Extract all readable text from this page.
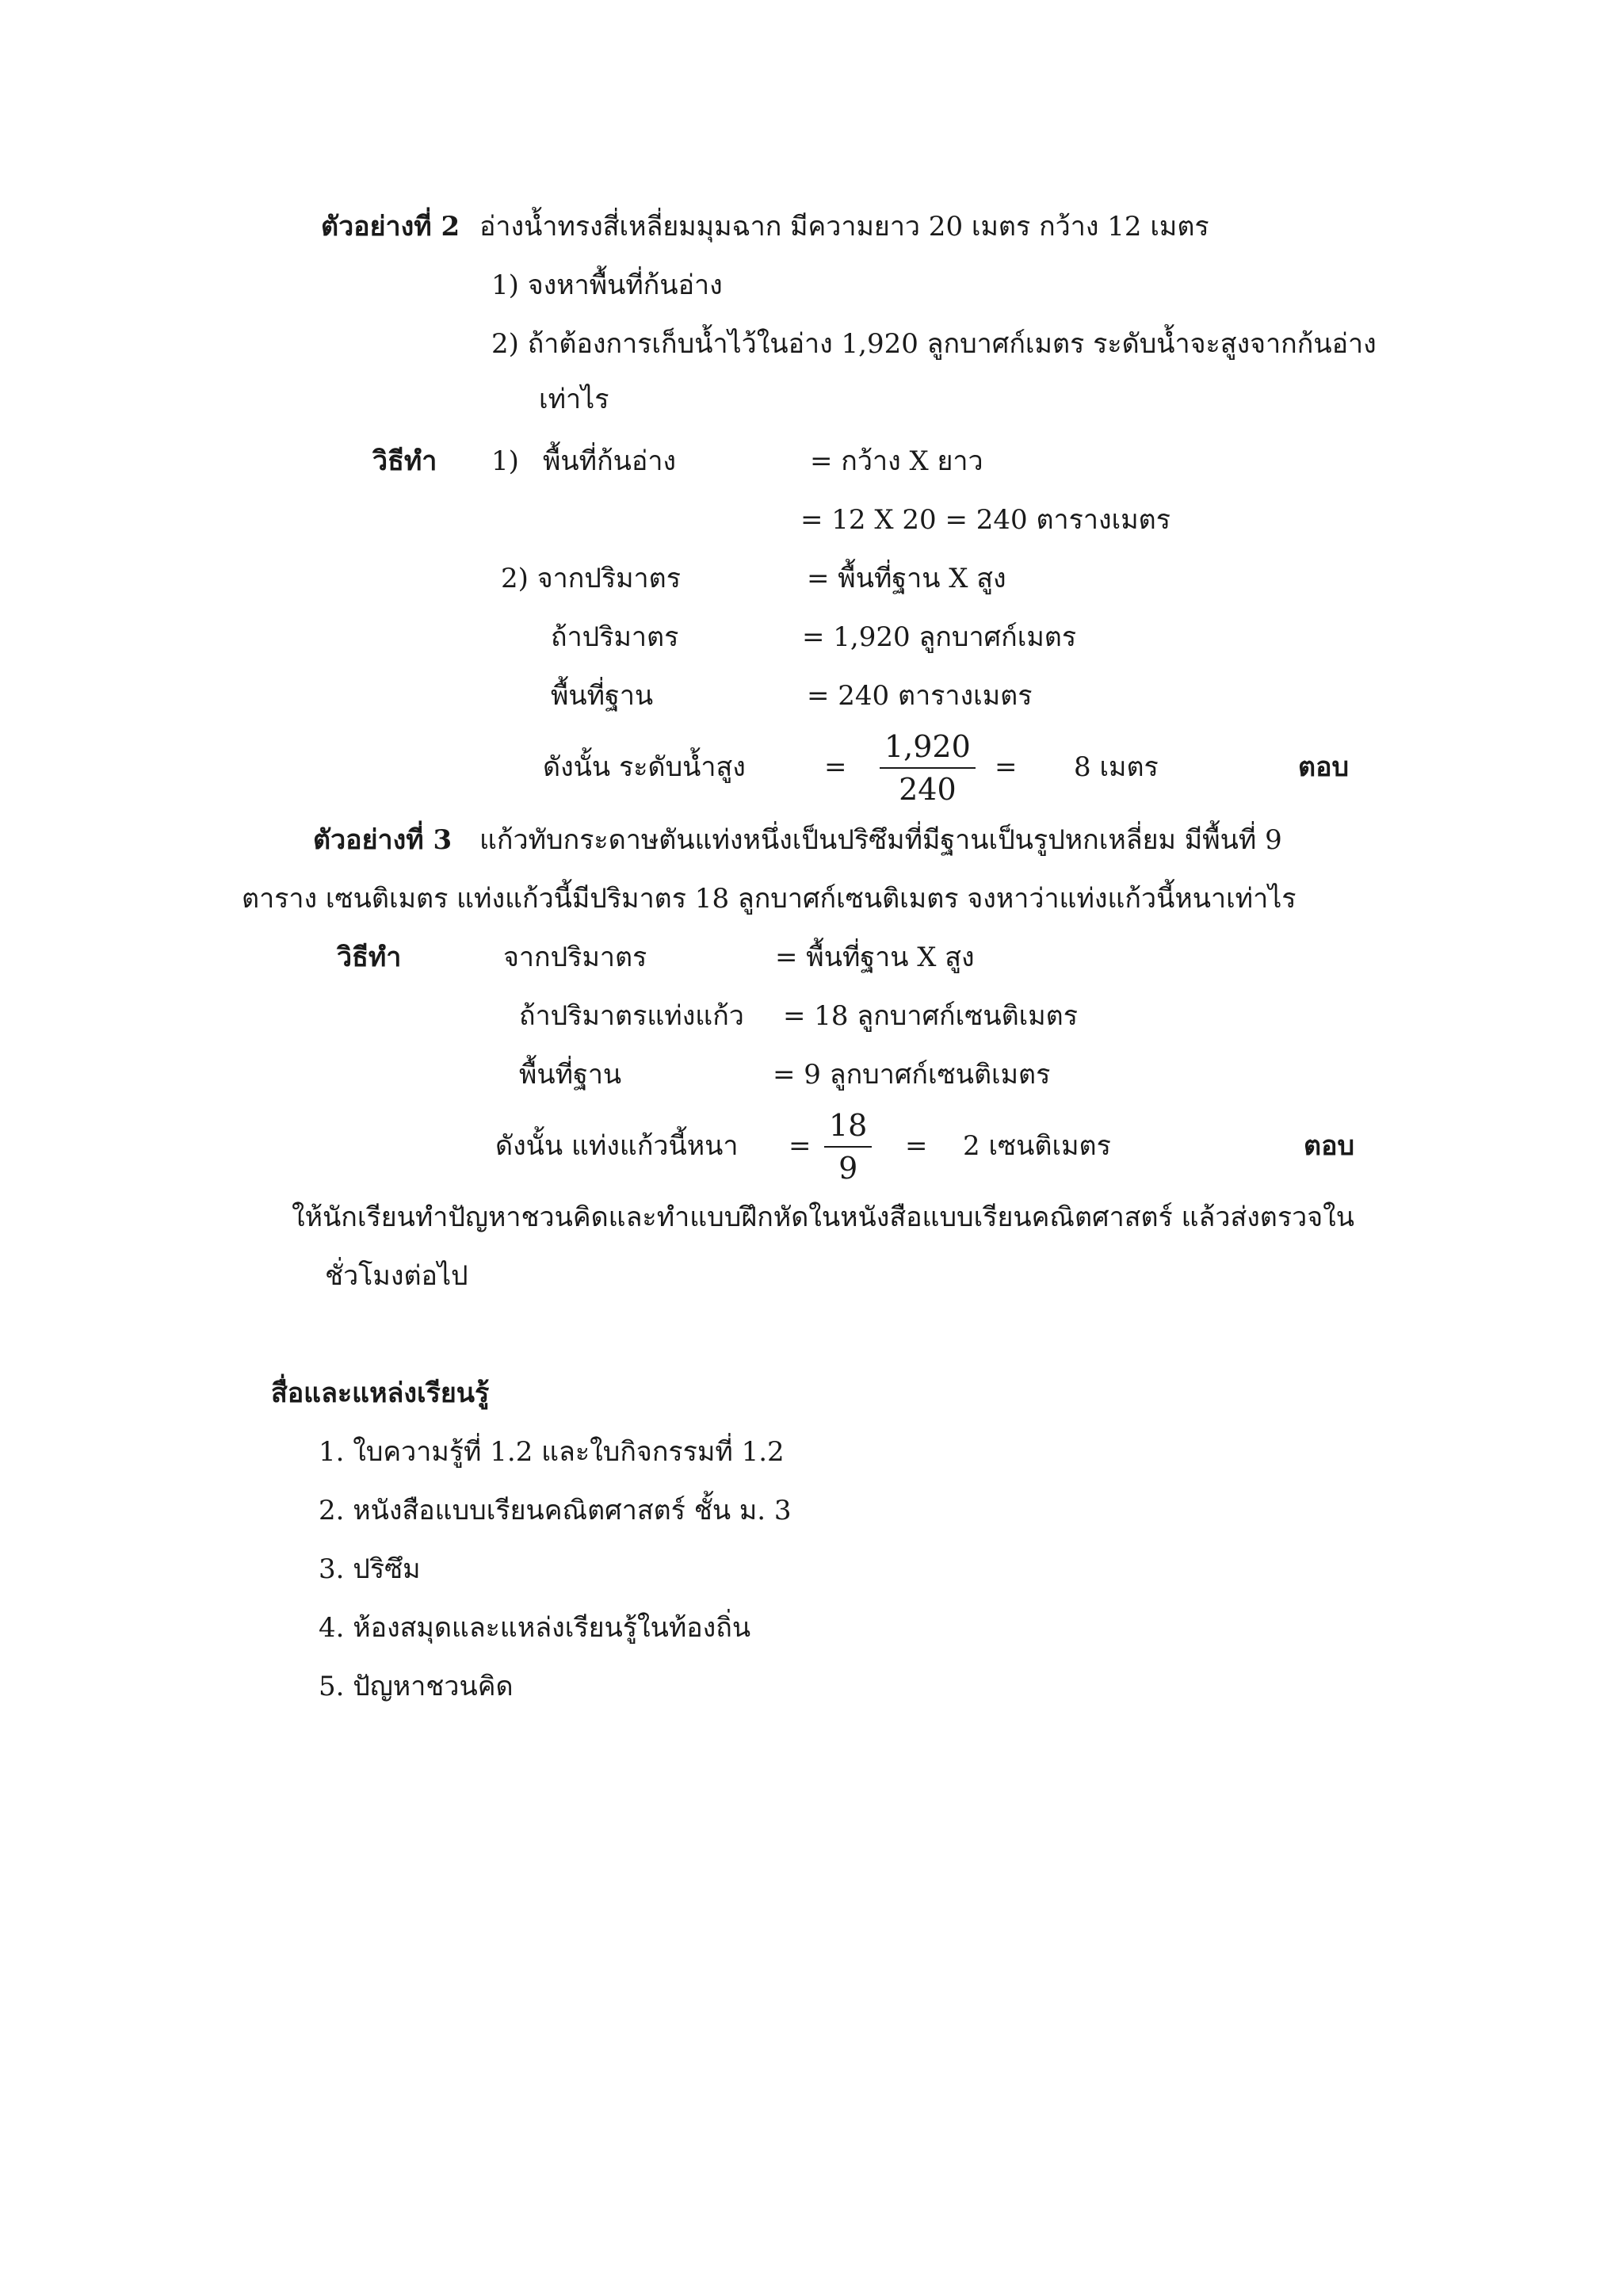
ตัวอย่างที่ 2 อ่างน้ำทรงสี่เหลี่ยมมุมฉาก มีความยาว 20 เมตร กว้าง 12 เมตร
1) จงหาพื้นที่ก้นอ่าง
2) ถ้าต้องการเก็บน้ำไว้ในอ่าง 1,920 ลูกบาศก์เมตร ระดับน้ำจะสูงจากก้นอ่าง
เท่าไร
วิธีทำ 1) พื้นที่ก้นอ่าง	= กว้าง X ยาว
= 12 X 20 = 240 ตารางเมตร
2) จากปริมาตร	= พื้นที่ฐาน X สูง
ถ้าปริมาตร	= 1,920 ลูกบาศก์เมตร
พื้นที่ฐาน	= 240 ตารางเมตร
ดังนั้น ระดับน้ำสูง	=
1,920
240
= 8 เมตร	ตอบ
ตัวอย่างที่ 3 แก้วทับกระดาษตันแท่งหนึ่งเป็นปริซึมที่มีฐานเป็นรูปหกเหลี่ยม มีพื้นที่ 9
ตาราง เซนติเมตร แท่งแก้วนี้มีปริมาตร 18 ลูกบาศก์เซนติเมตร จงหาว่าแท่งแก้วนี้หนาเท่าไร
วิธีทำ	จากปริมาตร	= พื้นที่ฐาน X สูง
ถ้าปริมาตรแท่งแก้ว = 18 ลูกบาศก์เซนติเมตร
พื้นที่ฐาน	= 9 ลูกบาศก์เซนติเมตร
ดังนั้น แท่งแก้วนี้หนา =
18
9
= 2 เซนติเมตร	ตอบ
ให้นักเรียนทำปัญหาชวนคิดและทำแบบฝึกหัดในหนังสือแบบเรียนคณิตศาสตร์ แล้วส่งตรวจใน
ชั่วโมงต่อไป
สื่อและแหล่งเรียนรู้
1. ใบความรู้ที่ 1.2 และใบกิจกรรมที่ 1.2
2. หนังสือแบบเรียนคณิตศาสตร์ ชั้น ม. 3
3. ปริซึม
4. ห้องสมุดและแหล่งเรียนรู้ในท้องถิ่น
5. ปัญหาชวนคิด
